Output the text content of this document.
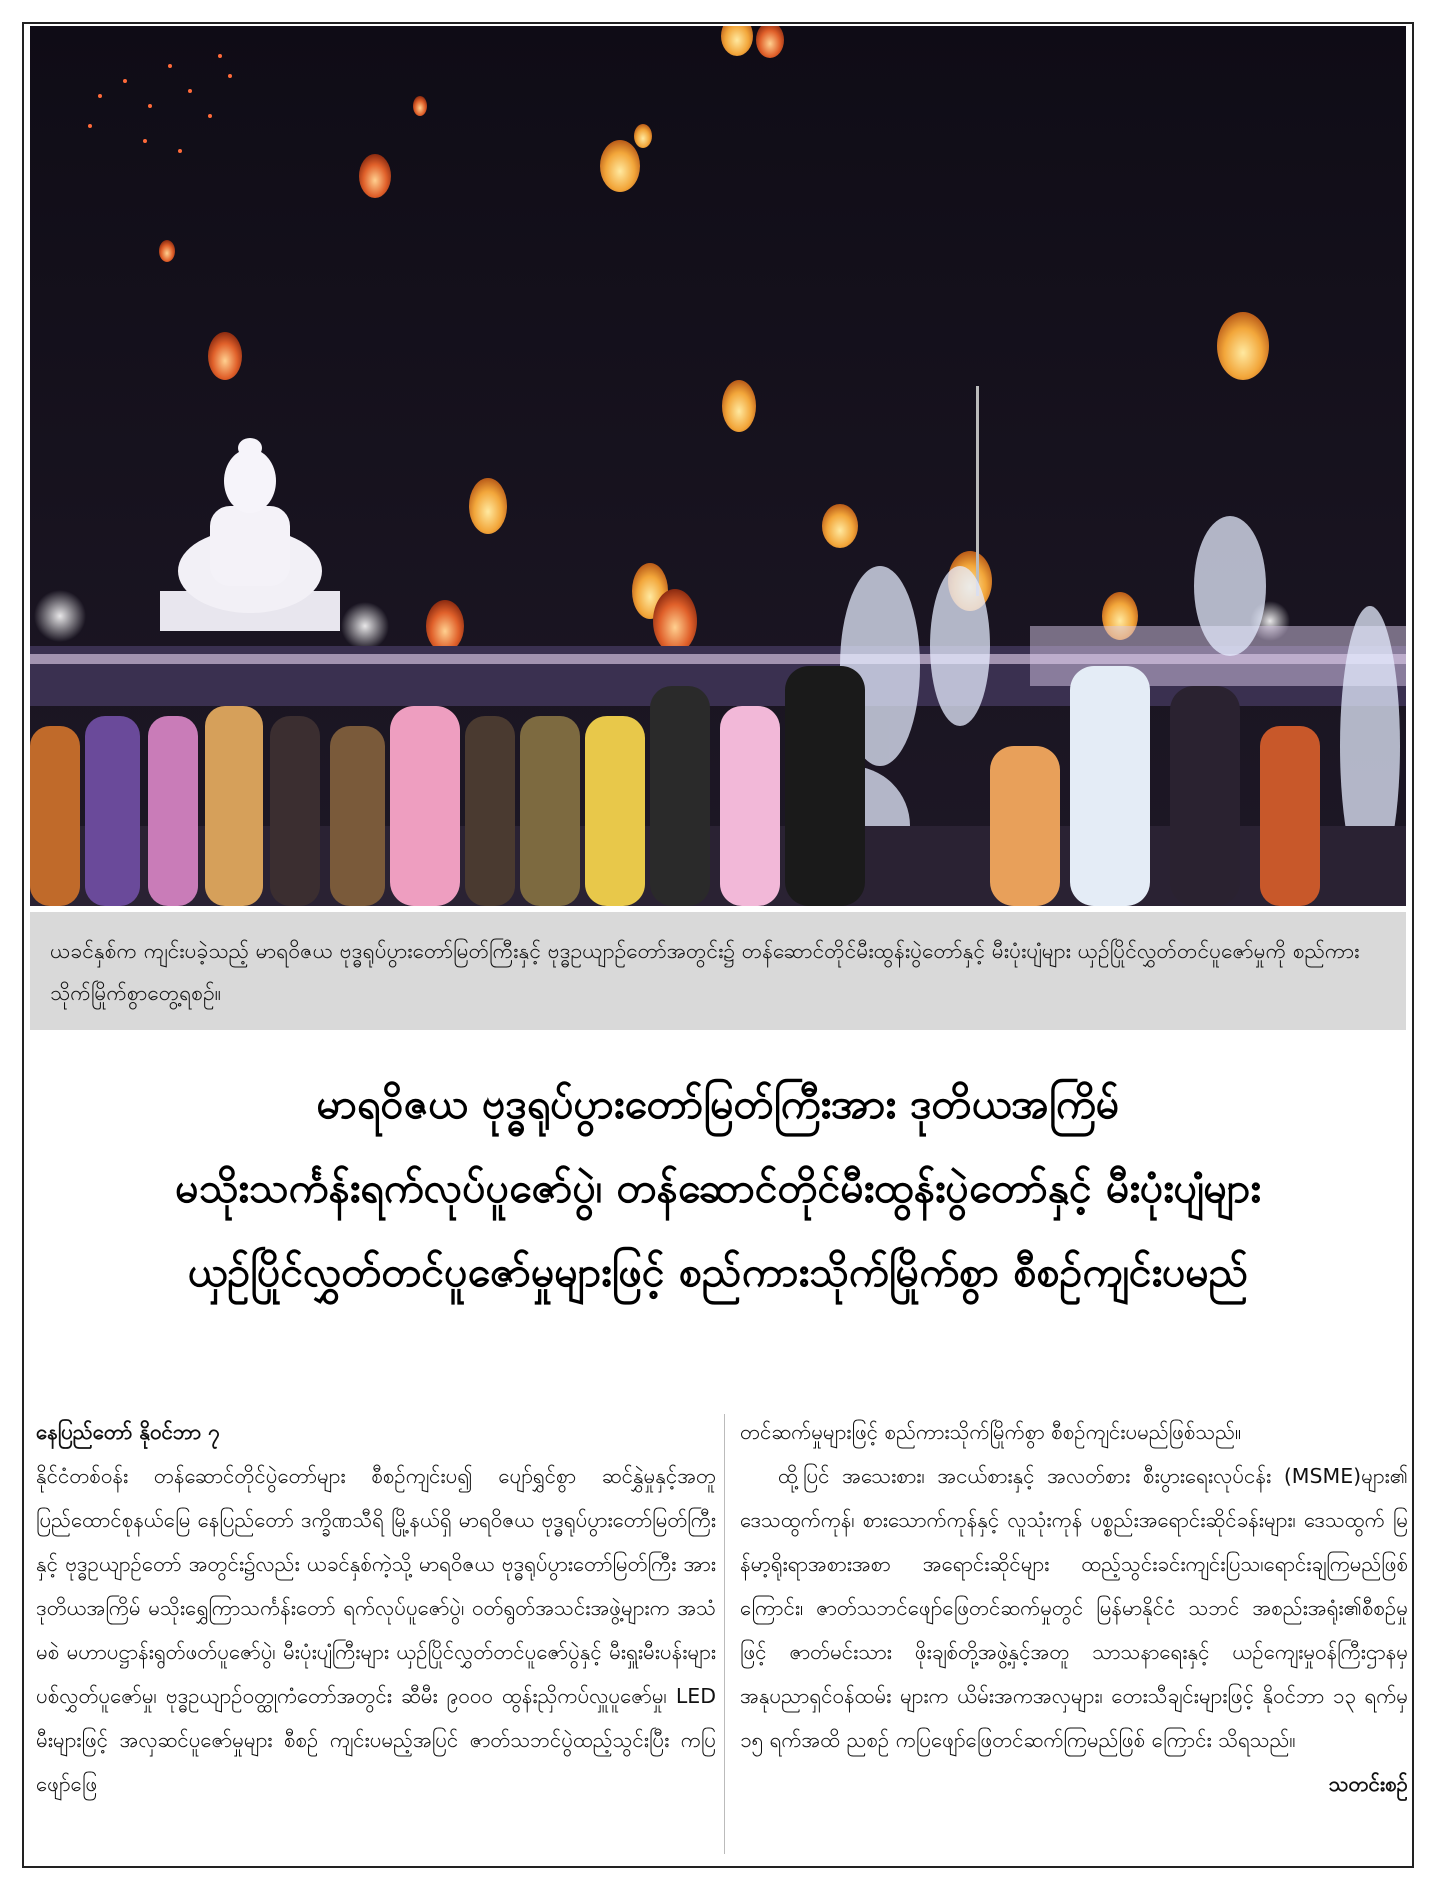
ယခင်နှစ်က ကျင်းပခဲ့သည့် မာရဝိဇယ ဗုဒ္ဓရုပ်ပွားတော်မြတ်ကြီးနှင့် ဗုဒ္ဓဥယျာဉ်တော်အတွင်း၌ တန်ဆောင်တိုင်မီးထွန်းပွဲတော်နှင့် မီးပုံးပျံများ ယှဉ်ပြိုင်လွှတ်တင်ပူဇော်မှုကို စည်ကားသိုက်မြိုက်စွာတွေ့ရစဉ်။
မာရဝိဇယ ဗုဒ္ဓရုပ်ပွားတော်မြတ်ကြီးအား ဒုတိယအကြိမ်
မသိုးသင်္ကန်းရက်လုပ်ပူဇော်ပွဲ၊ တန်ဆောင်တိုင်မီးထွန်းပွဲတော်နှင့် မီးပုံးပျံများ
ယှဉ်ပြိုင်လွှတ်တင်ပူဇော်မှုများဖြင့် စည်ကားသိုက်မြိုက်စွာ စီစဉ်ကျင်းပမည်

နေပြည်တော် နိုဝင်ဘာ ၇

နိုင်ငံတစ်ဝန်း တန်ဆောင်တိုင်ပွဲတော်များ စီစဉ်ကျင်းပ၍ ပျော်ရွှင်စွာ ဆင်နွှဲမှုနှင့်အတူ ပြည်ထောင်စုနယ်မြေ နေပြည်တော် ဒက္ခိဏသီရိ မြို့နယ်ရှိ မာရဝိဇယ ဗုဒ္ဓရုပ်ပွားတော်မြတ်ကြီးနှင့် ဗုဒ္ဓဥယျာဉ်တော် အတွင်း၌လည်း ယခင်နှစ်ကဲ့သို့ မာရဝိဇယ ဗုဒ္ဓရုပ်ပွားတော်မြတ်ကြီး အား ဒုတိယအကြိမ် မသိုးရွှေကြာသင်္ကန်းတော် ရက်လုပ်ပူဇော်ပွဲ၊ ဝတ်ရွတ်အသင်းအဖွဲ့များက အသံမစဲ မဟာပဋ္ဌာန်းရွတ်ဖတ်ပူဇော်ပွဲ၊ မီးပုံးပျံကြီးများ ယှဉ်ပြိုင်လွှတ်တင်ပူဇော်ပွဲနှင့် မီးရှူးမီးပန်းများ ပစ်လွှတ်ပူဇော်မှု၊ ဗုဒ္ဓဥယျာဉ်ဝတ္ထုကံတော်အတွင်း ဆီမီး ၉၀၀၀ ထွန်းညှိကပ်လှူပူဇော်မှု၊ LED မီးများဖြင့် အလှဆင်ပူဇော်မှုများ စီစဉ် ကျင်းပမည့်အပြင် ဇာတ်သဘင်ပွဲထည့်သွင်းပြီး ကပြဖျော်ဖြေ

တင်ဆက်မှုများဖြင့် စည်ကားသိုက်မြိုက်စွာ စီစဉ်ကျင်းပမည်ဖြစ်သည်။

ထို့ပြင် အသေးစား၊ အငယ်စားနှင့် အလတ်စား စီးပွားရေးလုပ်ငန်း (MSME)များ၏ ဒေသထွက်ကုန်၊ စားသောက်ကုန်နှင့် လူသုံးကုန် ပစ္စည်းအရောင်းဆိုင်ခန်းများ၊ ဒေသထွက် မြန်မာ့ရိုးရာအစားအစာ အရောင်းဆိုင်များ ထည့်သွင်းခင်းကျင်းပြသ၊ရောင်းချကြမည်ဖြစ် ကြောင်း၊ ဇာတ်သဘင်ဖျော်ဖြေတင်ဆက်မှုတွင် မြန်မာနိုင်ငံ သဘင် အစည်းအရုံး၏စီစဉ်မှုဖြင့် ဇာတ်မင်းသား ဖိုးချစ်တို့အဖွဲ့နှင့်အတူ သာသနာရေးနှင့် ယဉ်ကျေးမှုဝန်ကြီးဌာနမှ အနုပညာရှင်ဝန်ထမ်း များက ယိမ်းအကအလှများ၊ တေးသီချင်းများဖြင့် နိုဝင်ဘာ ၁၃ ရက်မှ ၁၅ ရက်အထိ ညစဉ် ကပြဖျော်ဖြေတင်ဆက်ကြမည်ဖြစ် ကြောင်း သိရသည်။

သတင်းစဉ်
